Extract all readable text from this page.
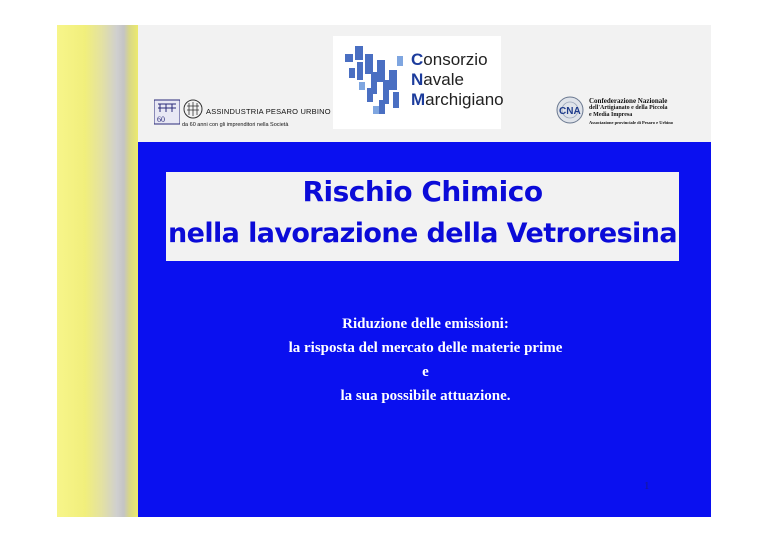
Consorzio
Navale
Marchigiano
60
ASSINDUSTRIA PESARO URBINO
da 60 anni con gli imprenditori nella Società
CNA
Confederazione Nazionale
dell'Artigianato e della Piccola
e Media Impresa
Associazione provinciale di Pesaro e Urbino
Rischio Chimico
nella lavorazione della Vetroresina
Riduzione delle emissioni:
la risposta del mercato delle materie prime
e
la sua possibile attuazione.
1
